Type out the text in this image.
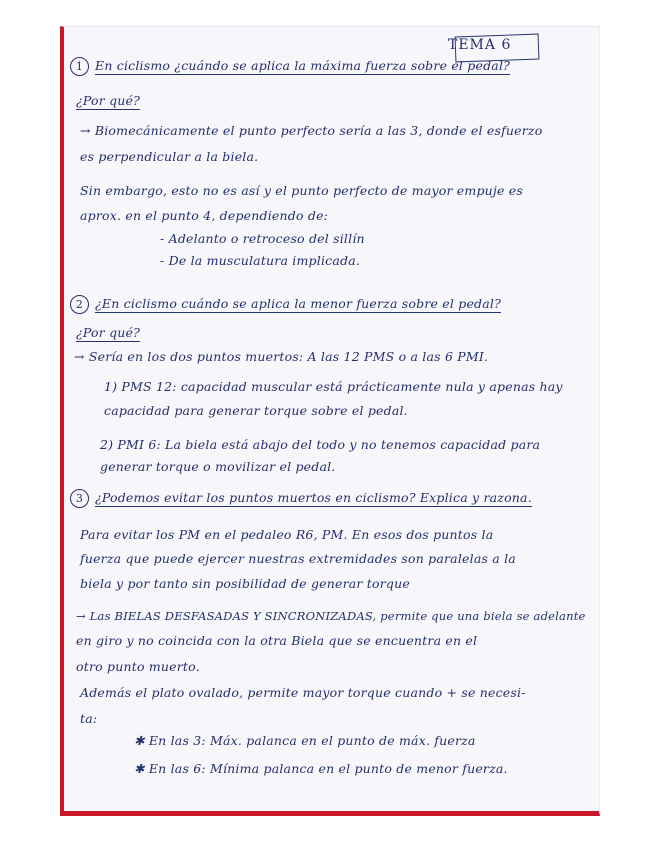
TEMA 6
1 En ciclismo ¿cuándo se aplica la máxima fuerza sobre el pedal?
¿Por qué?
→ Biomecánicamente el punto perfecto sería a las 3, donde el esfuerzo
es perpendicular a la biela.
Sin embargo, esto no es así y el punto perfecto de mayor empuje es
aprox. en el punto 4, dependiendo de:
- Adelanto o retroceso del sillín
- De la musculatura implicada.
2 ¿En ciclismo cuándo se aplica la menor fuerza sobre el pedal?
¿Por qué?
→ Sería en los dos puntos muertos: A las 12 PMS o a las 6 PMI.
1) PMS 12: capacidad muscular está prácticamente nula y apenas hay
capacidad para generar torque sobre el pedal.
2) PMI 6: La biela está abajo del todo y no tenemos capacidad para
generar torque o movilizar el pedal.
3 ¿Podemos evitar los puntos muertos en ciclismo? Explica y razona.
Para evitar los PM en el pedaleo R6, PM. En esos dos puntos la
fuerza que puede ejercer nuestras extremidades son paralelas a la
biela y por tanto sin posibilidad de generar torque
→ Las BIELAS DESFASADAS Y SINCRONIZADAS, permite que una biela se adelante
en giro y no coincida con la otra Biela que se encuentra en el
otro punto muerto.
Además el plato ovalado, permite mayor torque cuando + se necesi-
ta:
✱ En las 3: Máx. palanca en el punto de máx. fuerza
✱ En las 6: Mínima palanca en el punto de menor fuerza.
